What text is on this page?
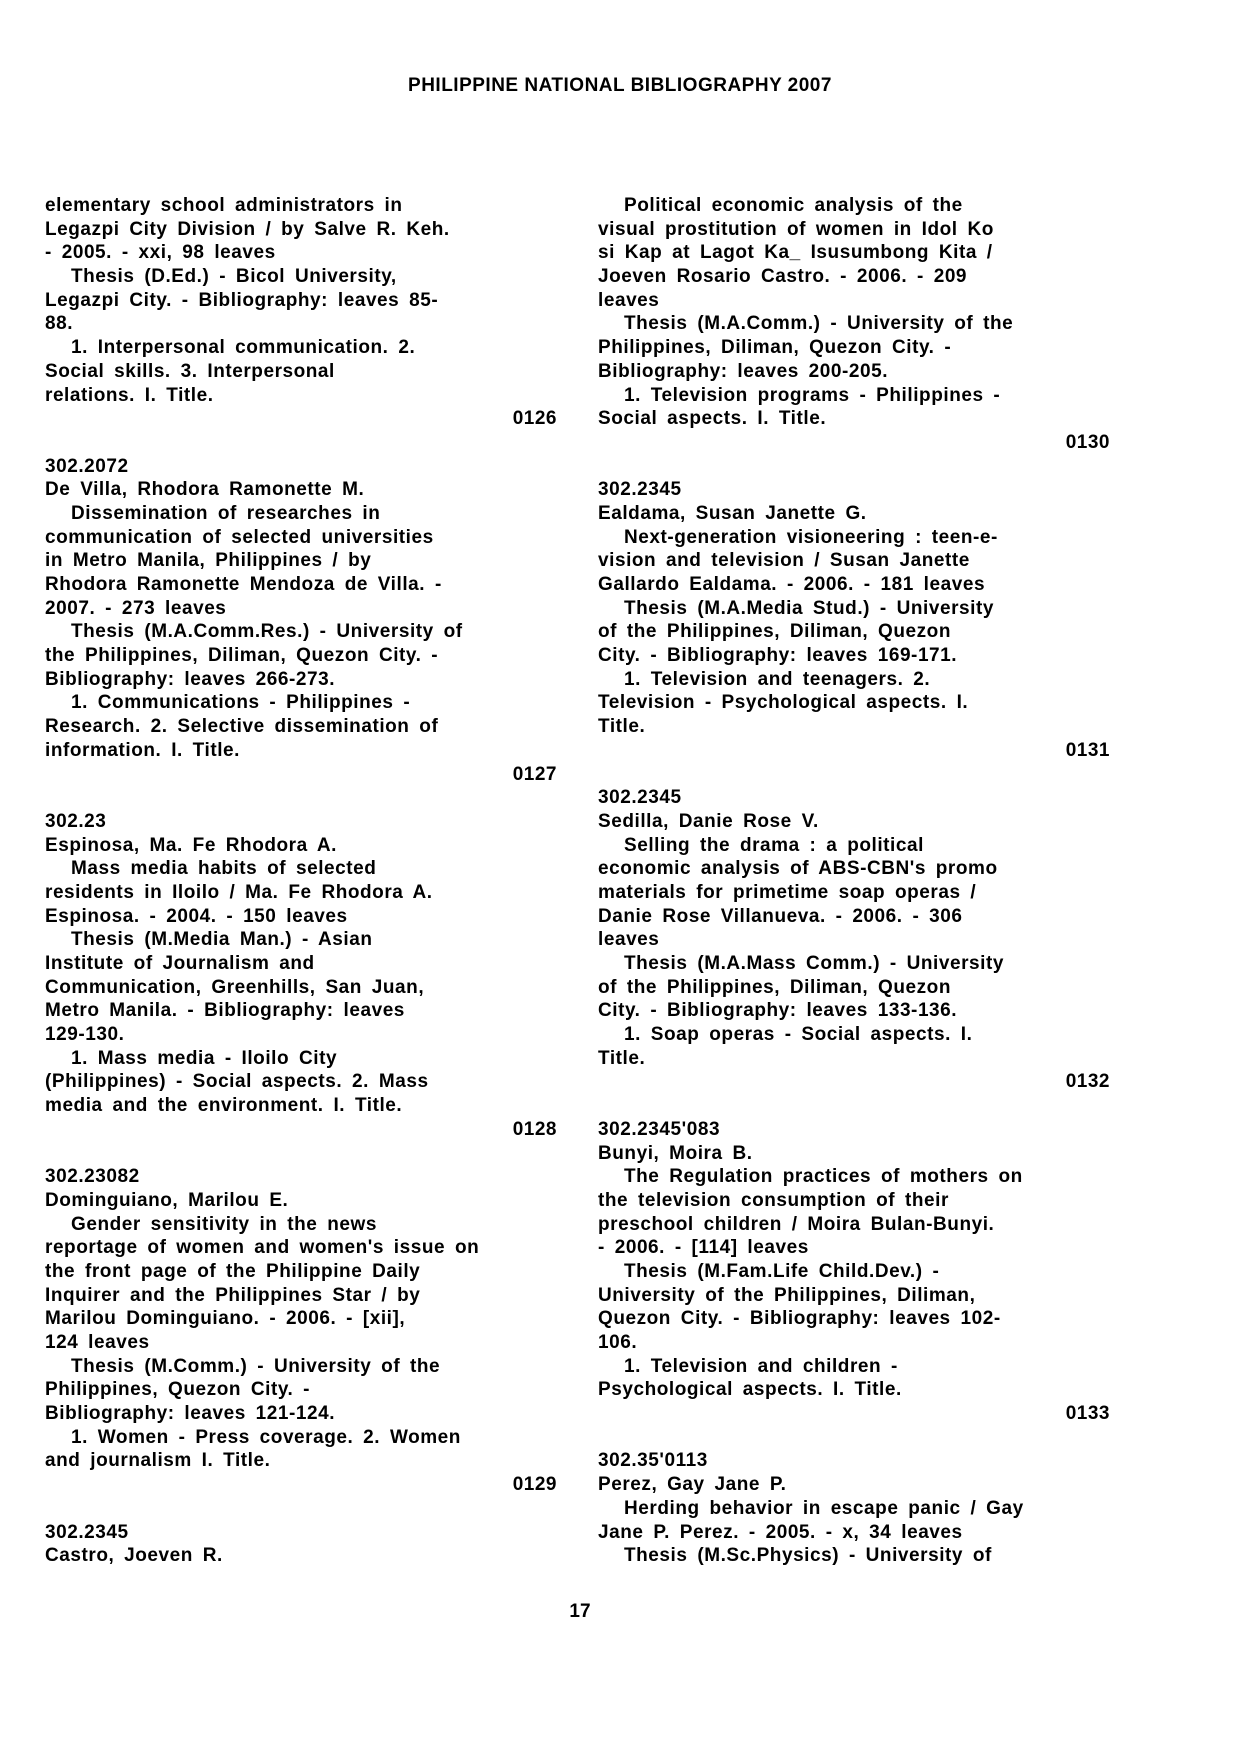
PHILIPPINE NATIONAL BIBLIOGRAPHY 2007
elementary school administrators in
Legazpi City Division / by Salve R. Keh.
- 2005. - xxi, 98 leaves
Thesis (D.Ed.) - Bicol University,
Legazpi City. - Bibliography: leaves 85-
88.
1. Interpersonal communication. 2.
Social skills. 3. Interpersonal
relations. I. Title.
0126
302.2072
De Villa, Rhodora Ramonette M.
Dissemination of researches in
communication of selected universities
in Metro Manila, Philippines / by
Rhodora Ramonette Mendoza de Villa. -
2007. - 273 leaves
Thesis (M.A.Comm.Res.) - University of
the Philippines, Diliman, Quezon City. -
Bibliography: leaves 266-273.
1. Communications - Philippines -
Research. 2. Selective dissemination of
information. I. Title.
0127
302.23
Espinosa, Ma. Fe Rhodora A.
Mass media habits of selected
residents in Iloilo / Ma. Fe Rhodora A.
Espinosa. - 2004. - 150 leaves
Thesis (M.Media Man.) - Asian
Institute of Journalism and
Communication, Greenhills, San Juan,
Metro Manila. - Bibliography: leaves
129-130.
1. Mass media - Iloilo City
(Philippines) - Social aspects. 2. Mass
media and the environment. I. Title.
0128
302.23082
Dominguiano, Marilou E.
Gender sensitivity in the news
reportage of women and women's issue on
the front page of the Philippine Daily
Inquirer and the Philippines Star / by
Marilou Dominguiano. - 2006. - [xii],
124 leaves
Thesis (M.Comm.) - University of the
Philippines, Quezon City. -
Bibliography: leaves 121-124.
1. Women - Press coverage. 2. Women
and journalism I. Title.
0129
302.2345
Castro, Joeven R.
Political economic analysis of the
visual prostitution of women in Idol Ko
si Kap at Lagot Ka_ Isusumbong Kita /
Joeven Rosario Castro. - 2006. - 209
leaves
Thesis (M.A.Comm.) - University of the
Philippines, Diliman, Quezon City. -
Bibliography: leaves 200-205.
1. Television programs - Philippines -
Social aspects. I. Title.
0130
302.2345
Ealdama, Susan Janette G.
Next-generation visioneering : teen-e-
vision and television / Susan Janette
Gallardo Ealdama. - 2006. - 181 leaves
Thesis (M.A.Media Stud.) - University
of the Philippines, Diliman, Quezon
City. - Bibliography: leaves 169-171.
1. Television and teenagers. 2.
Television - Psychological aspects. I.
Title.
0131
302.2345
Sedilla, Danie Rose V.
Selling the drama : a political
economic analysis of ABS-CBN's promo
materials for primetime soap operas /
Danie Rose Villanueva. - 2006. - 306
leaves
Thesis (M.A.Mass Comm.) - University
of the Philippines, Diliman, Quezon
City. - Bibliography: leaves 133-136.
1. Soap operas - Social aspects. I.
Title.
0132
302.2345'083
Bunyi, Moira B.
The Regulation practices of mothers on
the television consumption of their
preschool children / Moira Bulan-Bunyi.
- 2006. - [114] leaves
Thesis (M.Fam.Life Child.Dev.) -
University of the Philippines, Diliman,
Quezon City. - Bibliography: leaves 102-
106.
1. Television and children -
Psychological aspects. I. Title.
0133
302.35'0113
Perez, Gay Jane P.
Herding behavior in escape panic / Gay
Jane P. Perez. - 2005. - x, 34 leaves
Thesis (M.Sc.Physics) - University of
17
